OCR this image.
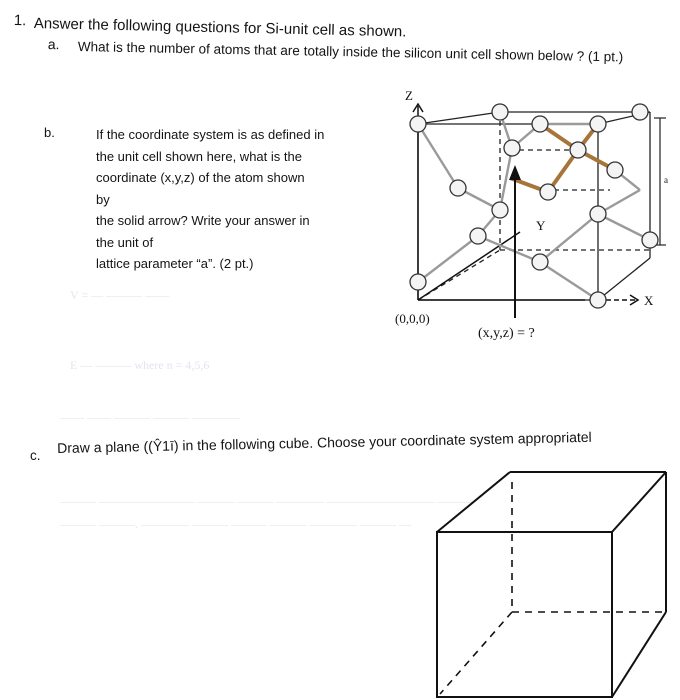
V = — ——— ——
E — ——— where n = 4,5,6
—— —— ——— ——— ————
——— ———————— ——— ——— ———— ————————— ———
——— ———. ———— ——— ——— ——— ———— ——— —
1. Answer the following questions for Si-unit cell as shown.
a. What is the number of atoms that are totally inside the silicon unit cell shown below ? (1 pt.)
b.	If the coordinate system is as defined in
the unit cell shown here, what is the
coordinate (x,y,z) of the atom shown
by
the solid arrow? Write your answer in
the unit of
lattice parameter “a”. (2 pt.)
Z
Y
X
(0,0,0)
(x,y,z) = ?
a
c. Draw a plane ((Ŷ1ī) in the following cube. Choose your coordinate system appropriatel
